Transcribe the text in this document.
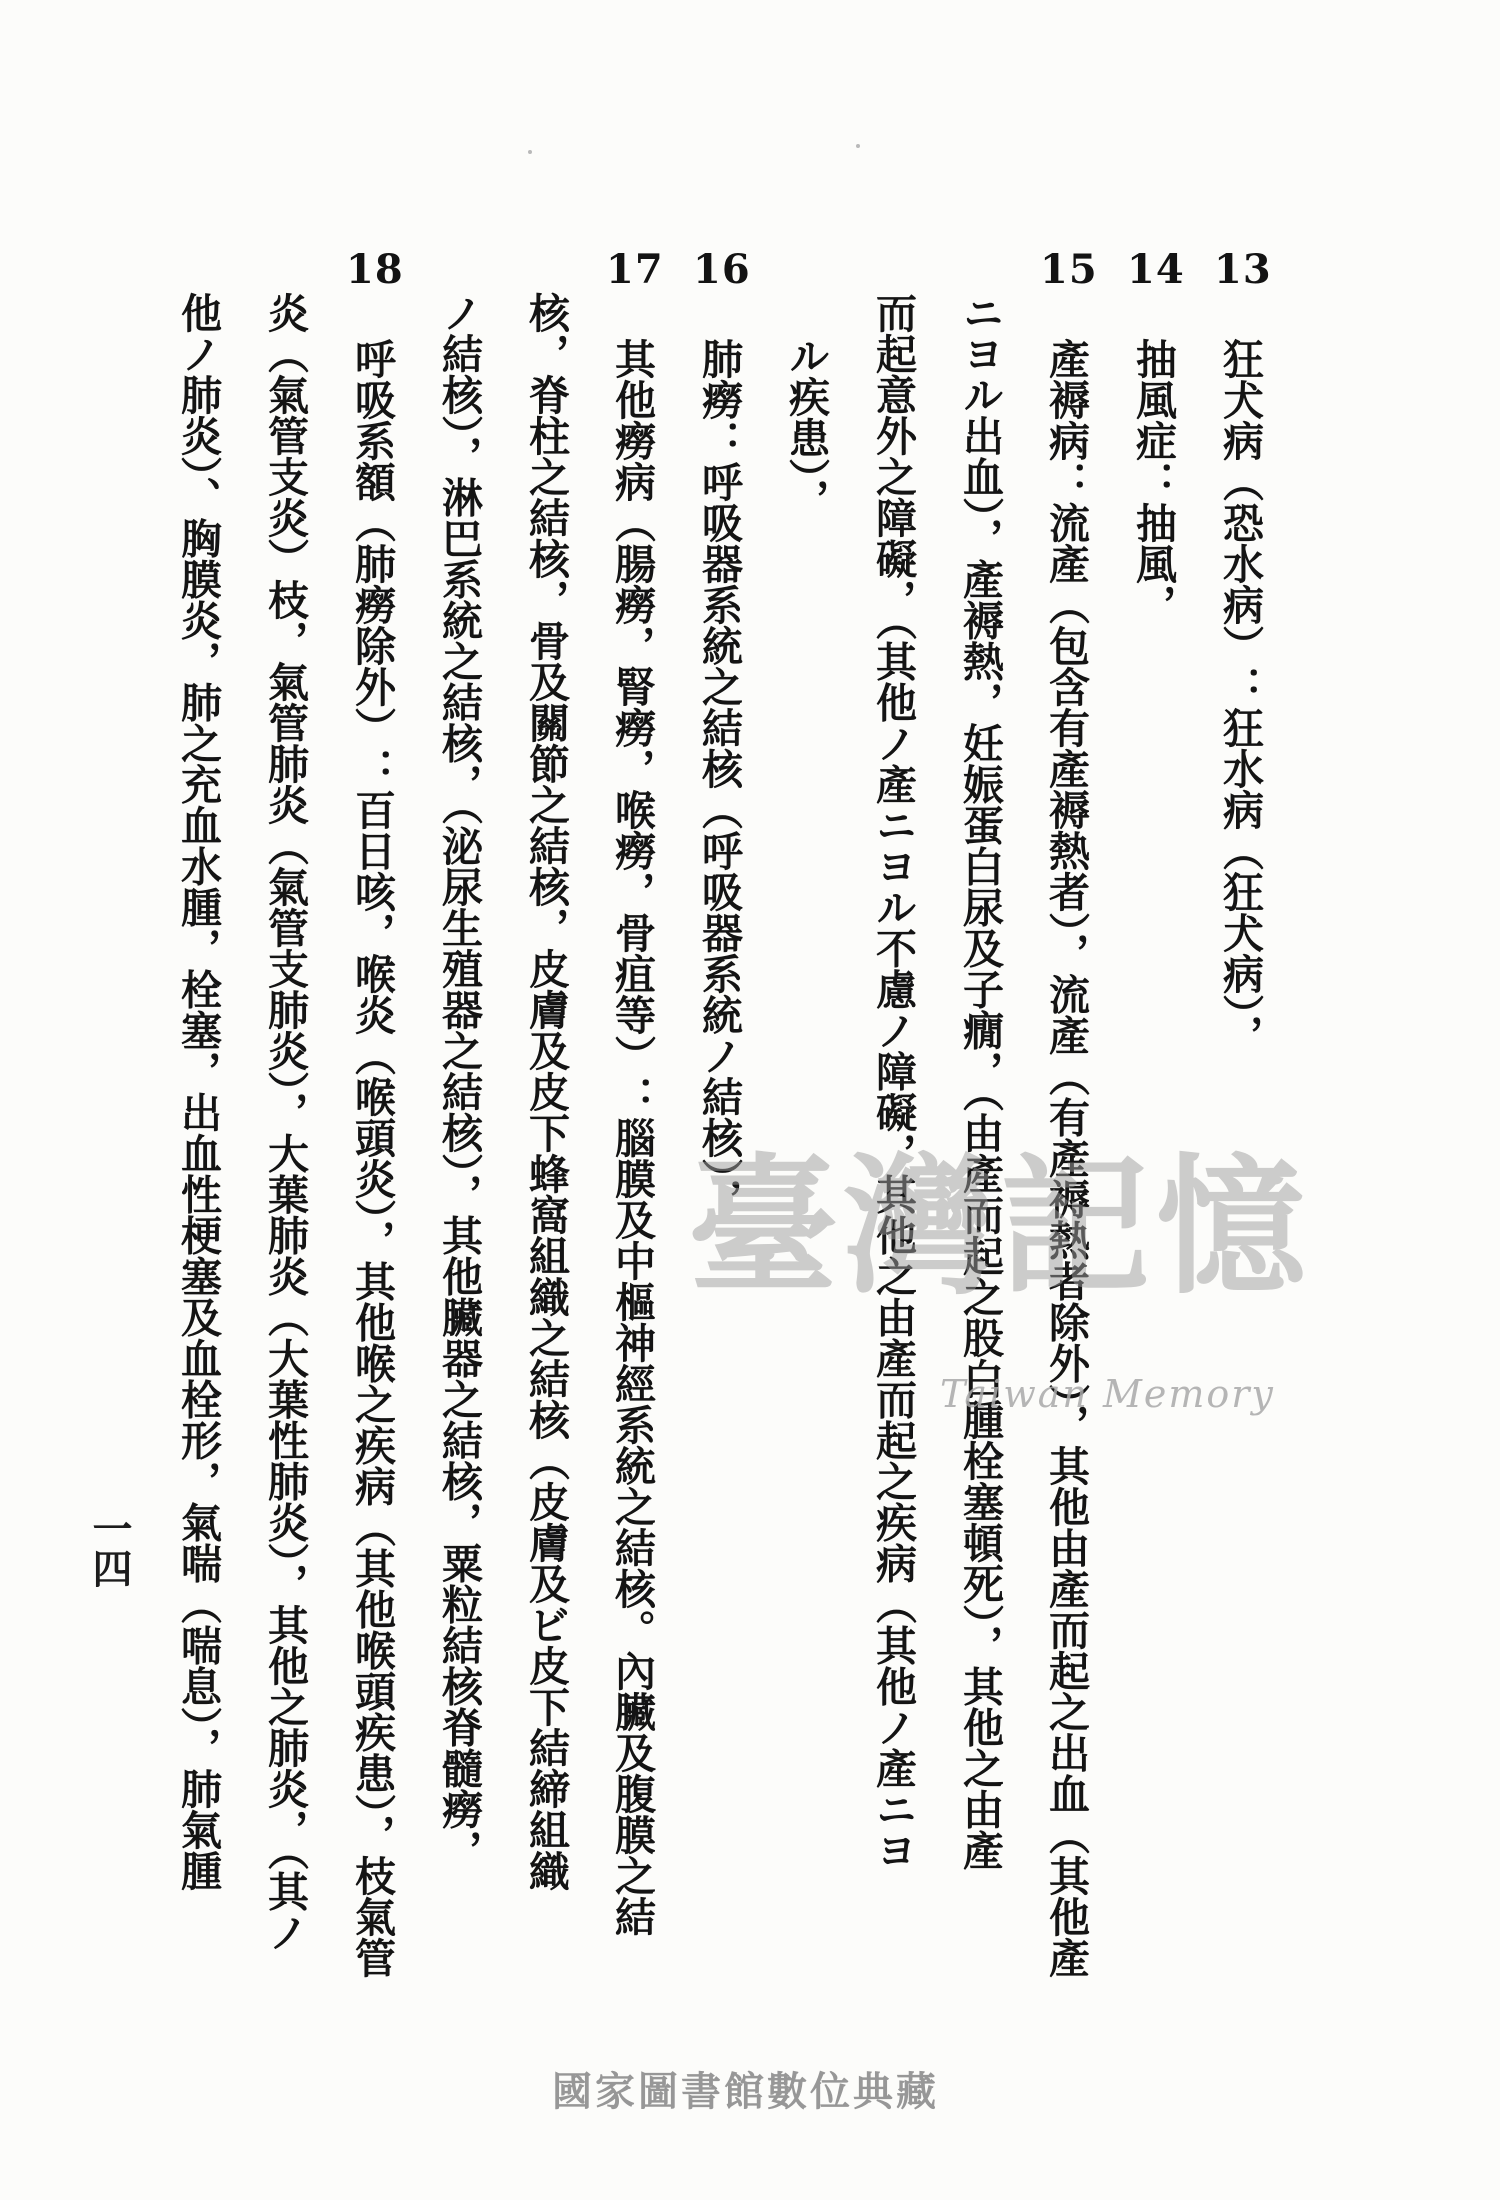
13
狂犬病（恐水病）：狂水病（狂犬病），
14
抽風症：抽風，
15
產褥病：流產（包含有產褥熱者），流產（有產褥熱者除外），其他由產而起之出血（其他產
ニヨル出血），產褥熱，妊娠蛋白尿及子癇，（由產而起之股白腫栓塞頓死），其他之由產
而起意外之障礙，（其他ノ產ニヨル不慮ノ障礙，其他之由產而起之疾病（其他ノ產ニヨ
ル疾患），
16
肺癆：呼吸器系統之結核（呼吸器系統ノ結核），
17
其他癆病（腸癆，腎癆，喉癆，骨疽等）：腦膜及中樞神經系統之結核。內臟及腹膜之結
核，脊柱之結核，骨及關節之結核，皮膚及皮下蜂窩組織之結核（皮膚及ビ皮下結締組織
ノ結核），淋巴系統之結核，（泌尿生殖器之結核），其他臟器之結核，粟粒結核脊髓癆，
18
呼吸系額（肺癆除外）：百日咳，喉炎（喉頭炎），其他喉之疾病（其他喉頭疾患），枝氣管
炎（氣管支炎）枝，氣管肺炎（氣管支肺炎），大葉肺炎（大葉性肺炎），其他之肺炎，（其ノ
他ノ肺炎）、胸膜炎，肺之充血水腫，栓塞，出血性梗塞及血栓形，氣喘（喘息），肺氣腫	臺灣記憶
Taiwan Memory
一四
國家圖書館數位典藏
